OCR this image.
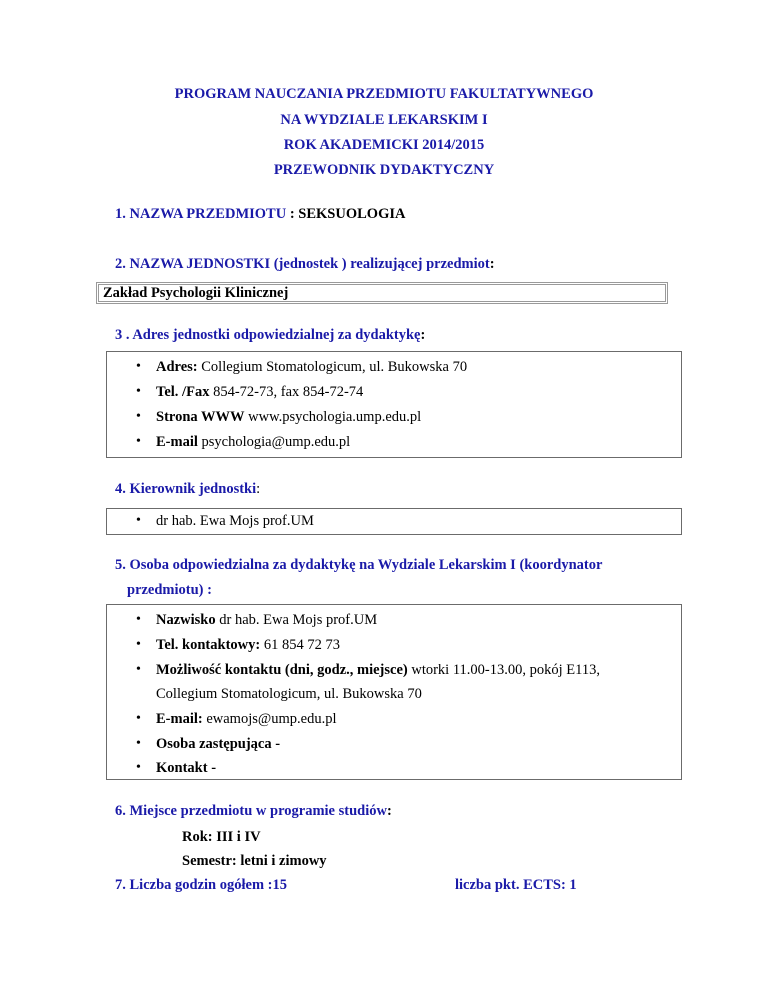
PROGRAM NAUCZANIA PRZEDMIOTU FAKULTATYWNEGO
NA WYDZIALE LEKARSKIM I
ROK AKADEMICKI 2014/2015
PRZEWODNIK DYDAKTYCZNY
1. NAZWA PRZEDMIOTU : SEKSUOLOGIA
2. NAZWA JEDNOSTKI (jednostek ) realizującej przedmiot:
Zakład Psychologii Klinicznej
3 . Adres jednostki odpowiedzialnej za dydaktykę:
• Adres: Collegium Stomatologicum, ul. Bukowska 70
• Tel. /Fax 854-72-73, fax 854-72-74
• Strona WWW www.psychologia.ump.edu.pl
• E-mail psychologia@ump.edu.pl
4. Kierownik jednostki:
• dr hab. Ewa Mojs prof.UM
5. Osoba odpowiedzialna za dydaktykę na Wydziale Lekarskim I (koordynator
przedmiotu) :
• Nazwisko dr hab. Ewa Mojs prof.UM
• Tel. kontaktowy: 61 854 72 73
• Możliwość kontaktu (dni, godz., miejsce) wtorki 11.00-13.00, pokój E113,
Collegium Stomatologicum, ul. Bukowska 70
• E-mail: ewamojs@ump.edu.pl
• Osoba zastępująca -
• Kontakt -
6. Miejsce przedmiotu w programie studiów:
Rok: III i IV
Semestr: letni i zimowy
7. Liczba godzin ogółem :15	liczba pkt. ECTS: 1
